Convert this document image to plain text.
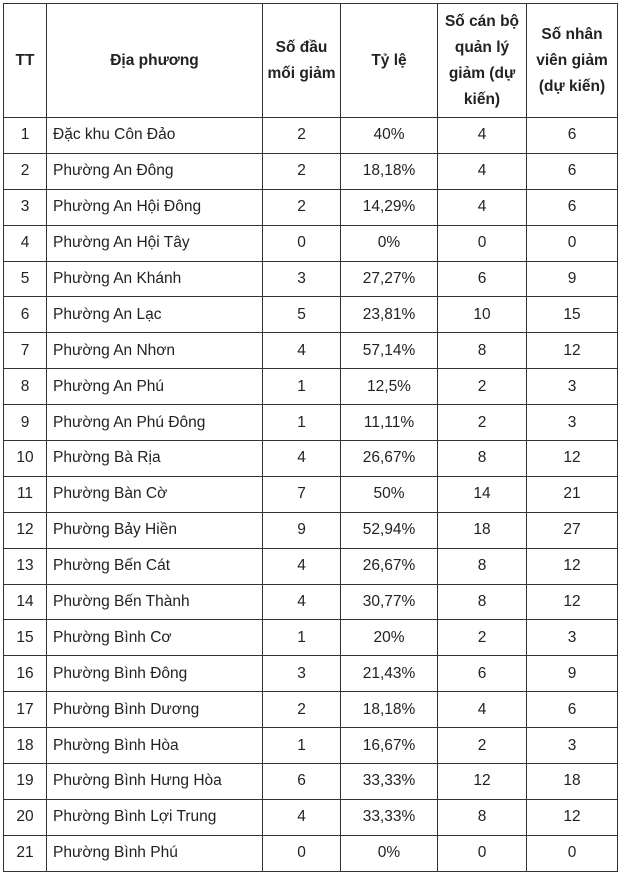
TT	Địa phương	Số đầu mối giảm	Tỷ lệ	Số cán bộ quản lý giảm (dự kiến)	Số nhân viên giảm (dự kiến)
1	Đặc khu Côn Đảo	2	40%	4	6
2	Phường An Đông	2	18,18%	4	6
3	Phường An Hội Đông	2	14,29%	4	6
4	Phường An Hội Tây	0	0%	0	0
5	Phường An Khánh	3	27,27%	6	9
6	Phường An Lạc	5	23,81%	10	15
7	Phường An Nhơn	4	57,14%	8	12
8	Phường An Phú	1	12,5%	2	3
9	Phường An Phú Đông	1	11,11%	2	3
10	Phường Bà Rịa	4	26,67%	8	12
11	Phường Bàn Cờ	7	50%	14	21
12	Phường Bảy Hiền	9	52,94%	18	27
13	Phường Bến Cát	4	26,67%	8	12
14	Phường Bến Thành	4	30,77%	8	12
15	Phường Bình Cơ	1	20%	2	3
16	Phường Bình Đông	3	21,43%	6	9
17	Phường Bình Dương	2	18,18%	4	6
18	Phường Bình Hòa	1	16,67%	2	3
19	Phường Bình Hưng Hòa	6	33,33%	12	18
20	Phường Bình Lợi Trung	4	33,33%	8	12
21	Phường Bình Phú	0	0%	0	0
